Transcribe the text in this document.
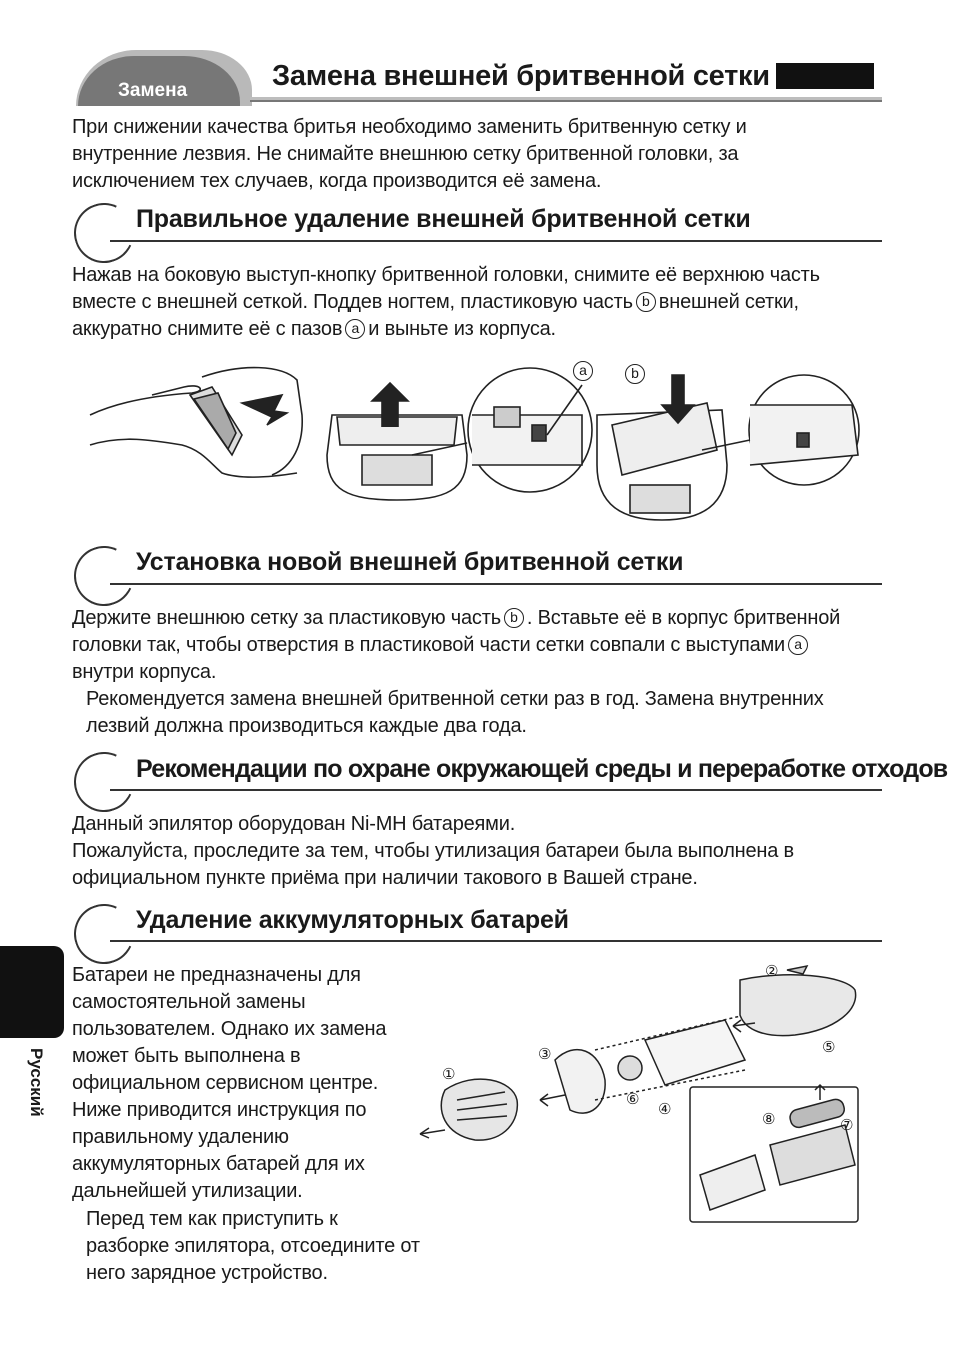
Замена	Замена внешней бритвенной сетки

При снижении качества бритья необходимо заменить бритвенную сетку и внутренние лезвия. Не снимайте внешнюю сетку бритвенной головки, за исключением тех случаев, когда производится её замена.

Правильное удаление внешней бритвенной сетки

Нажав на боковую выступ-кнопку бритвенной головки, снимите её верхнюю часть

вместе с внешней сеткой. Поддев ногтем, пластиковую часть b внешней сетки,

аккуратно снимите её с пазов a и выньте из корпуса.

a	b
Установка новой внешней бритвенной сетки

Держите внешнюю сетку за пластиковую часть b . Вставьте её в корпус бритвенной

головки так, чтобы отверстия в пластиковой части сетки совпали с выступами a

внутри корпуса.

Рекомендуется замена внешней бритвенной сетки раз в год. Замена внутренних лезвий должна производиться каждые два года.

Рекомендации по охране окружающей среды и переработке отходов

Данный эпилятор оборудован Ni-MH батареями.

Пожалуйста, проследите за тем, чтобы утилизация батареи была выполнена в официальном пункте приёма при наличии такового в Вашей стране.

Удаление аккумуляторных батарей

Батареи не предназначены для самостоятельной замены пользователем. Однако их замена может быть выполнена в официальном сервисном центре. Ниже приводится инструкция по правильному удалению аккумуляторных батарей для их дальнейшей утилизации.

Перед тем как приступить к разборке эпилятора, отсоедините от него зарядное устройство.

①
②
③
④
⑤
⑥
⑦
⑧
Русский
